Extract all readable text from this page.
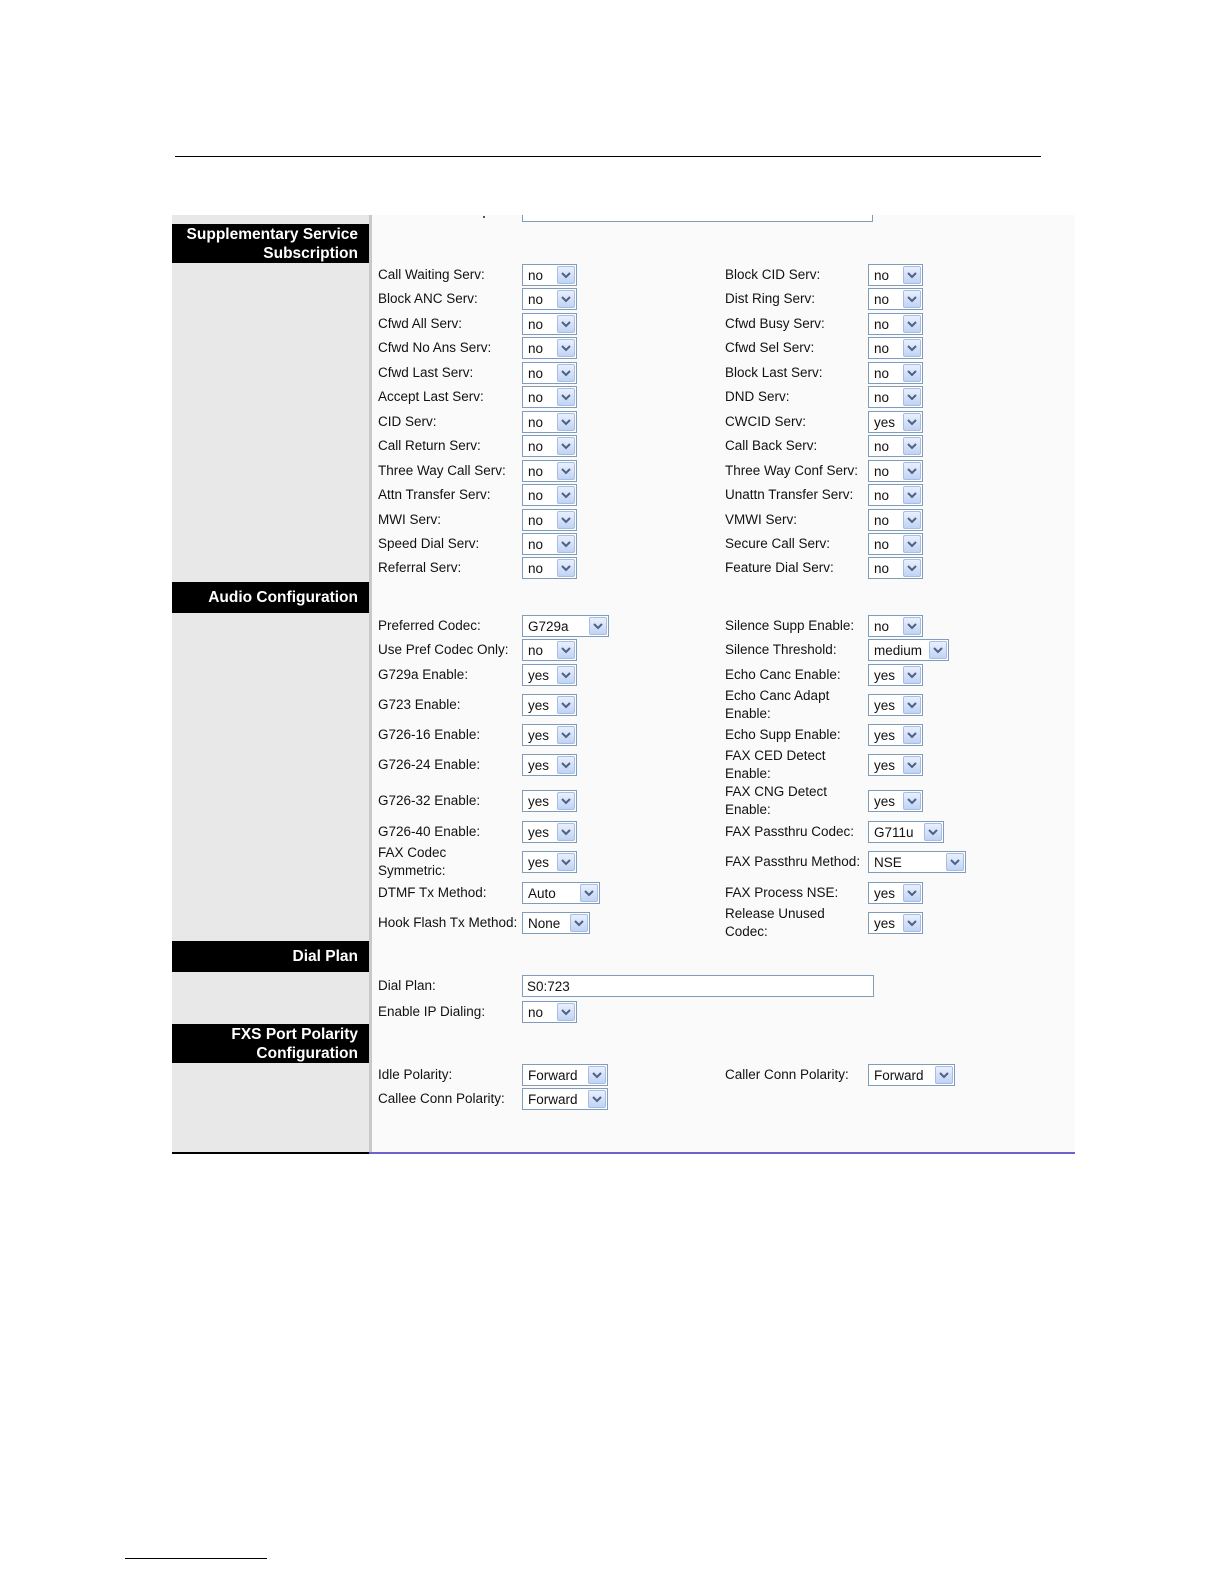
Supplementary Service
Subscription
Audio Configuration
Dial Plan
FXS Port Polarity
Configuration
Dial Plan:	S0:723
Enable IP Dialing:	no
Idle Polarity:	Forward
Callee Conn Polarity: Forward
Caller Conn Polarity: Forward
Call Waiting Serv:	no
Block ANC Serv:	no
Cfwd All Serv:	no
Cfwd No Ans Serv:	no
Cfwd Last Serv:	no
Accept Last Serv:	no
CID Serv:	no
Call Return Serv:	no
Three Way Call Serv: no
Attn Transfer Serv:	no
MWI Serv:	no
Speed Dial Serv:	no
Referral Serv:	no
Block CID Serv:	no
Dist Ring Serv:	no
Cfwd Busy Serv:	no
Cfwd Sel Serv:	no
Block Last Serv:	no
DND Serv:	no
CWCID Serv:	yes
Call Back Serv:	no
Three Way Conf Serv: no
Unattn Transfer Serv: no
VMWI Serv:	no
Secure Call Serv:	no
Feature Dial Serv:	no
Preferred Codec:	G729a
Use Pref Codec Only: no
G729a Enable:	yes
G723 Enable:	yes
G726-16 Enable:	yes
G726-24 Enable:	yes
G726-32 Enable:	yes
G726-40 Enable:	yes
FAX Codec Symmetric:
yes
DTMF Tx Method:	Auto
Hook Flash Tx Method: None
Silence Supp Enable: no
Silence Threshold:	medium
Echo Canc Enable: yes
Echo Canc Adapt Enable:
yes
Echo Supp Enable: yes
FAX CED Detect Enable:
yes
FAX CNG Detect Enable:
yes
FAX Passthru Codec: G711u
FAX Passthru Method: NSE
FAX Process NSE:	yes
Release Unused Codec:
yes
